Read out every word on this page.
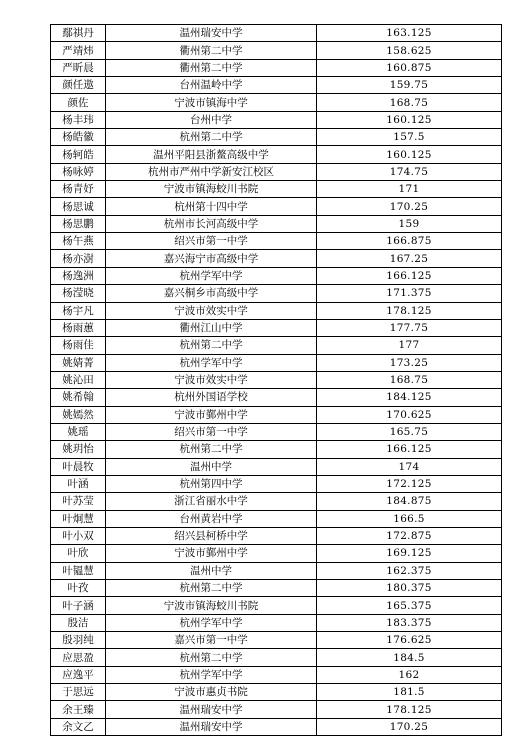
鄢祺丹	温州瑞安中学	163.125
严靖炜	衢州第二中学	158.625
严昕晨	衢州第二中学	160.875
颜任遨	台州温岭中学	159.75
颜佐	宁波市镇海中学	168.75
杨丰玮	台州中学	160.125
杨皓徽	杭州第二中学	157.5
杨轲皓	温州平阳县浙鳌高级中学	160.125
杨咏婷	杭州市严州中学新安江校区	174.75
杨青妤	宁波市镇海蛟川书院	171
杨思诚	杭州第十四中学	170.25
杨思鹏	杭州市长河高级中学	159
杨午燕	绍兴市第一中学	166.875
杨亦澍	嘉兴海宁市高级中学	167.25
杨逸洲	杭州学军中学	166.125
杨滢晓	嘉兴桐乡市高级中学	171.375
杨宇凡	宁波市效实中学	178.125
杨雨蕙	衢州江山中学	177.75
杨雨佳	杭州第二中学	177
姚婧菁	杭州学军中学	173.25
姚沁田	宁波市效实中学	168.75
姚希翰	杭州外国语学校	184.125
姚嫣然	宁波市鄞州中学	170.625
姚瑶	绍兴市第一中学	165.75
姚玥怡	杭州第二中学	166.125
叶晨牧	温州中学	174
叶涵	杭州第四中学	172.125
叶苏莹	浙江省丽水中学	184.875
叶炯慧	台州黄岩中学	166.5
叶小双	绍兴县柯桥中学	172.875
叶欣	宁波市鄞州中学	169.125
叶韫慧	温州中学	162.375
叶孜	杭州第二中学	180.375
叶子涵	宁波市镇海蛟川书院	165.375
殷洁	杭州学军中学	183.375
殷羽纯	嘉兴市第一中学	176.625
应思盈	杭州第二中学	184.5
应逸平	杭州学军中学	162
于思远	宁波市惠贞书院	181.5
余王臻	温州瑞安中学	178.125
余文乙	温州瑞安中学	170.25
